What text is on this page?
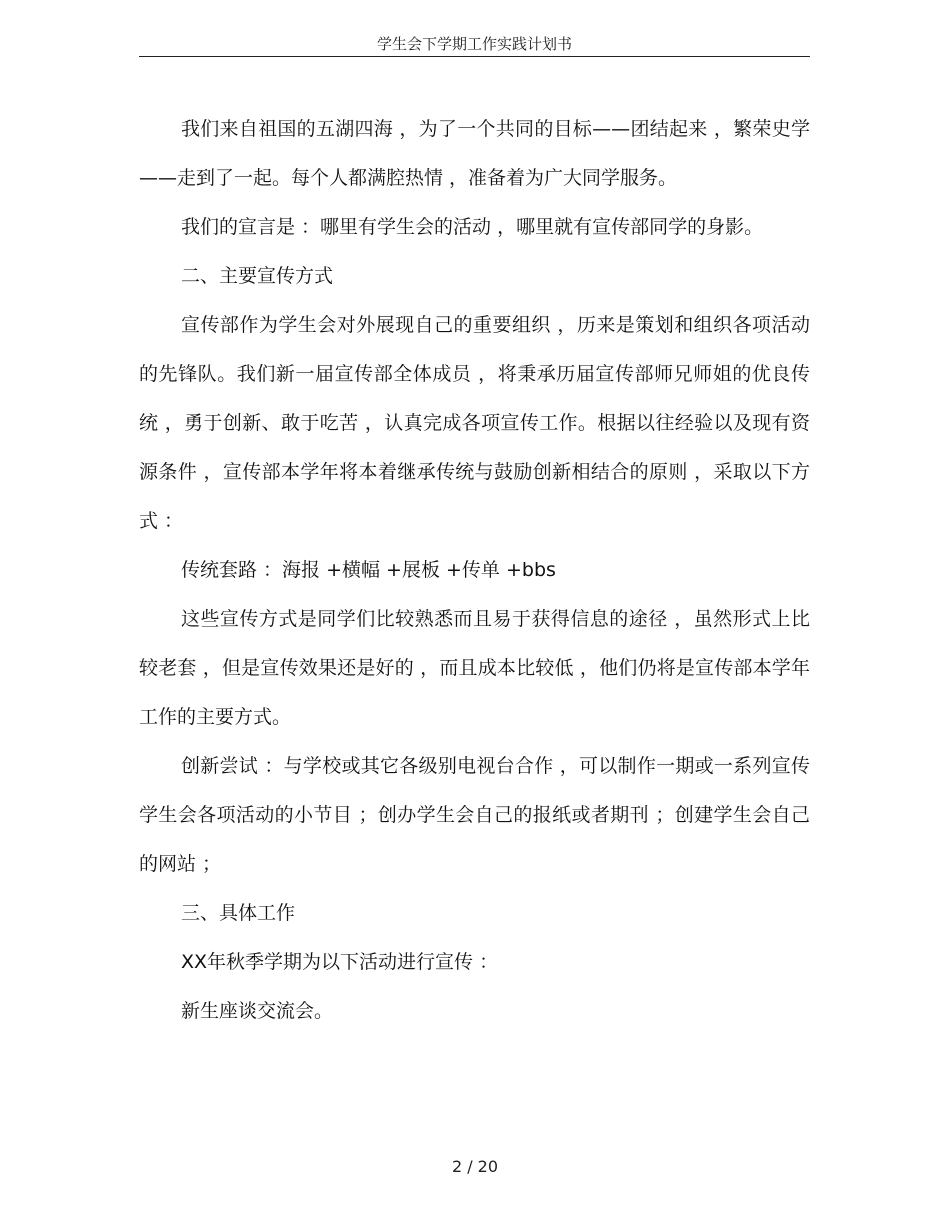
学生会下学期工作实践计划书

我们来自祖国的五湖四海 ，为了一个共同的目标——团结起来 ，繁荣史学——走到了一起。每个人都满腔热情 ，准备着为广大同学服务。

我们的宣言是 ：哪里有学生会的活动 ，哪里就有宣传部同学的身影。

二、主要宣传方式

宣传部作为学生会对外展现自己的重要组织 ，历来是策划和组织各项活动的先锋队。我们新一届宣传部全体成员 ，将秉承历届宣传部师兄师姐的优良传统 ，勇于创新、敢于吃苦 ，认真完成各项宣传工作。根据以往经验以及现有资源条件 ，宣传部本学年将本着继承传统与鼓励创新相结合的原则 ，采取以下方式 ：

传统套路 ：海报 +横幅 +展板 +传单 +bbs

这些宣传方式是同学们比较熟悉而且易于获得信息的途径 ，虽然形式上比较老套 ，但是宣传效果还是好的 ，而且成本比较低 ，他们仍将是宣传部本学年工作的主要方式。

创新尝试 ：与学校或其它各级别电视台合作 ，可以制作一期或一系列宣传学生会各项活动的小节目 ；创办学生会自己的报纸或者期刊 ；创建学生会自己的网站 ；

三、具体工作

XX年秋季学期为以下活动进行宣传 ：

新生座谈交流会。

2 / 20
